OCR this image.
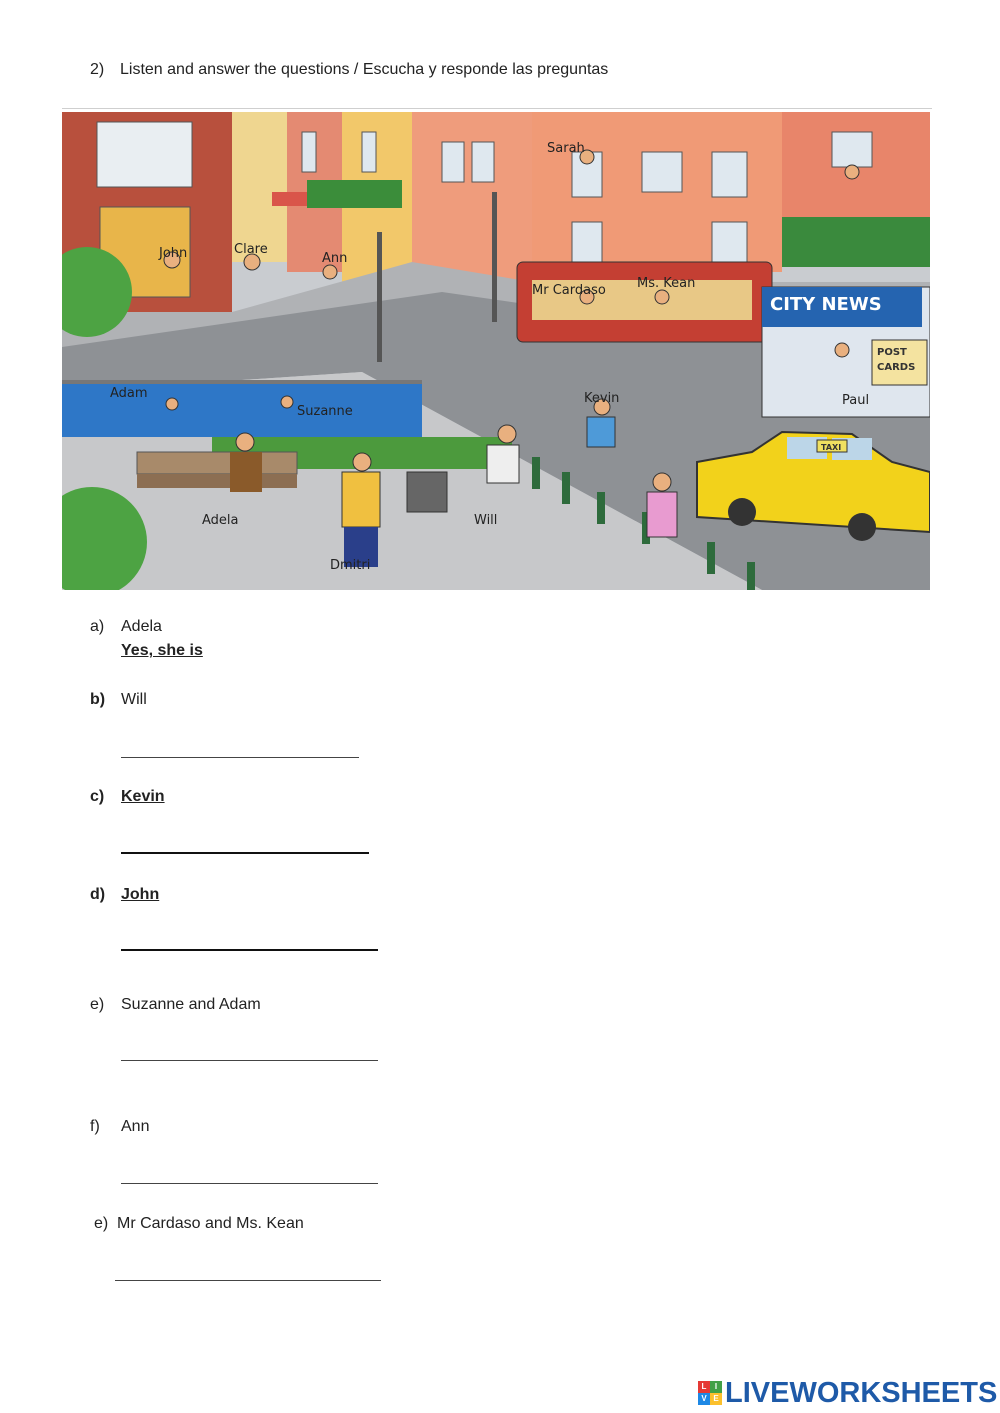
2) Listen and answer the questions / Escucha y responde las preguntas
John	Clare
Ann
Sarah
Mr Cardaso Ms. Kean
Adam
Suzanne
Kevin	Paul
Adela
Dmitri
Will
CITY NEWS
POST
CARDS
TAXI
a) Adela
Yes, she is
b) Will
c) Kevin
d) John
e) Suzanne and Adam
f) Ann
e) Mr Cardaso and Ms. Kean
L	I
V E LIVEWORKSHEETS
